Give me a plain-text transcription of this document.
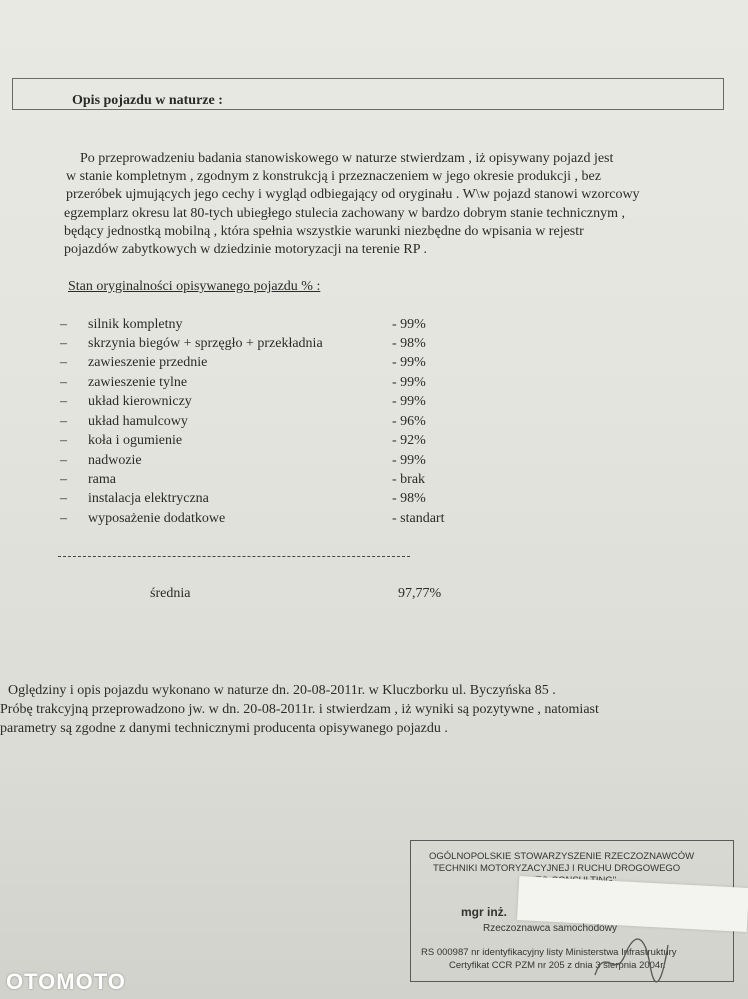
Opis pojazdu w naturze :
Po przeprowadzeniu badania stanowiskowego w naturze stwierdzam , iż opisywany pojazd jest
w stanie kompletnym , zgodnym z konstrukcją i przeznaczeniem w jego okresie produkcji , bez
przeróbek ujmujących jego cechy i wygląd odbiegający od oryginału . W\w pojazd stanowi wzorcowy
egzemplarz okresu lat 80-tych ubiegłego stulecia zachowany w bardzo dobrym stanie technicznym ,
będący jednostką mobilną , która spełnia wszystkie warunki niezbędne do wpisania w rejestr
pojazdów zabytkowych w dziedzinie motoryzacji na terenie RP .
Stan oryginalności opisywanego pojazdu % :
– silnik kompletny	- 99%
– skrzynia biegów + sprzęgło + przekładnia	- 98%
– zawieszenie przednie	- 99%
– zawieszenie tylne	- 99%
– układ kierowniczy	- 99%
– układ hamulcowy	- 96%
– koła i ogumienie	- 92%
– nadwozie	- 99%
– rama	- brak
– instalacja elektryczna	- 98%
– wyposażenie dodatkowe	- standart
średnia	97,77%
Oględziny i opis pojazdu wykonano w naturze dn. 20-08-2011r. w Kluczborku ul. Byczyńska 85 .
Próbę trakcyjną przeprowadzono jw. w dn. 20-08-2011r. i stwierdzam , iż wyniki są pozytywne , natomiast
parametry są zgodne z danymi technicznymi producenta opisywanego pojazdu .
OGÓLNOPOLSKIE STOWARZYSZENIE RZECZOZNAWCÓW
TECHNIKI MOTORYZACYJNEJ I RUCHU DROGOWEGO
mgr inż.
Rzeczoznawca samochodowy
RS 000987 nr identyfikacyjny listy Ministerstwa Infrastruktury
Certyfikat CCR PZM nr 205 z dnia 3 sierpnia 2004r.
OTOMOTO
